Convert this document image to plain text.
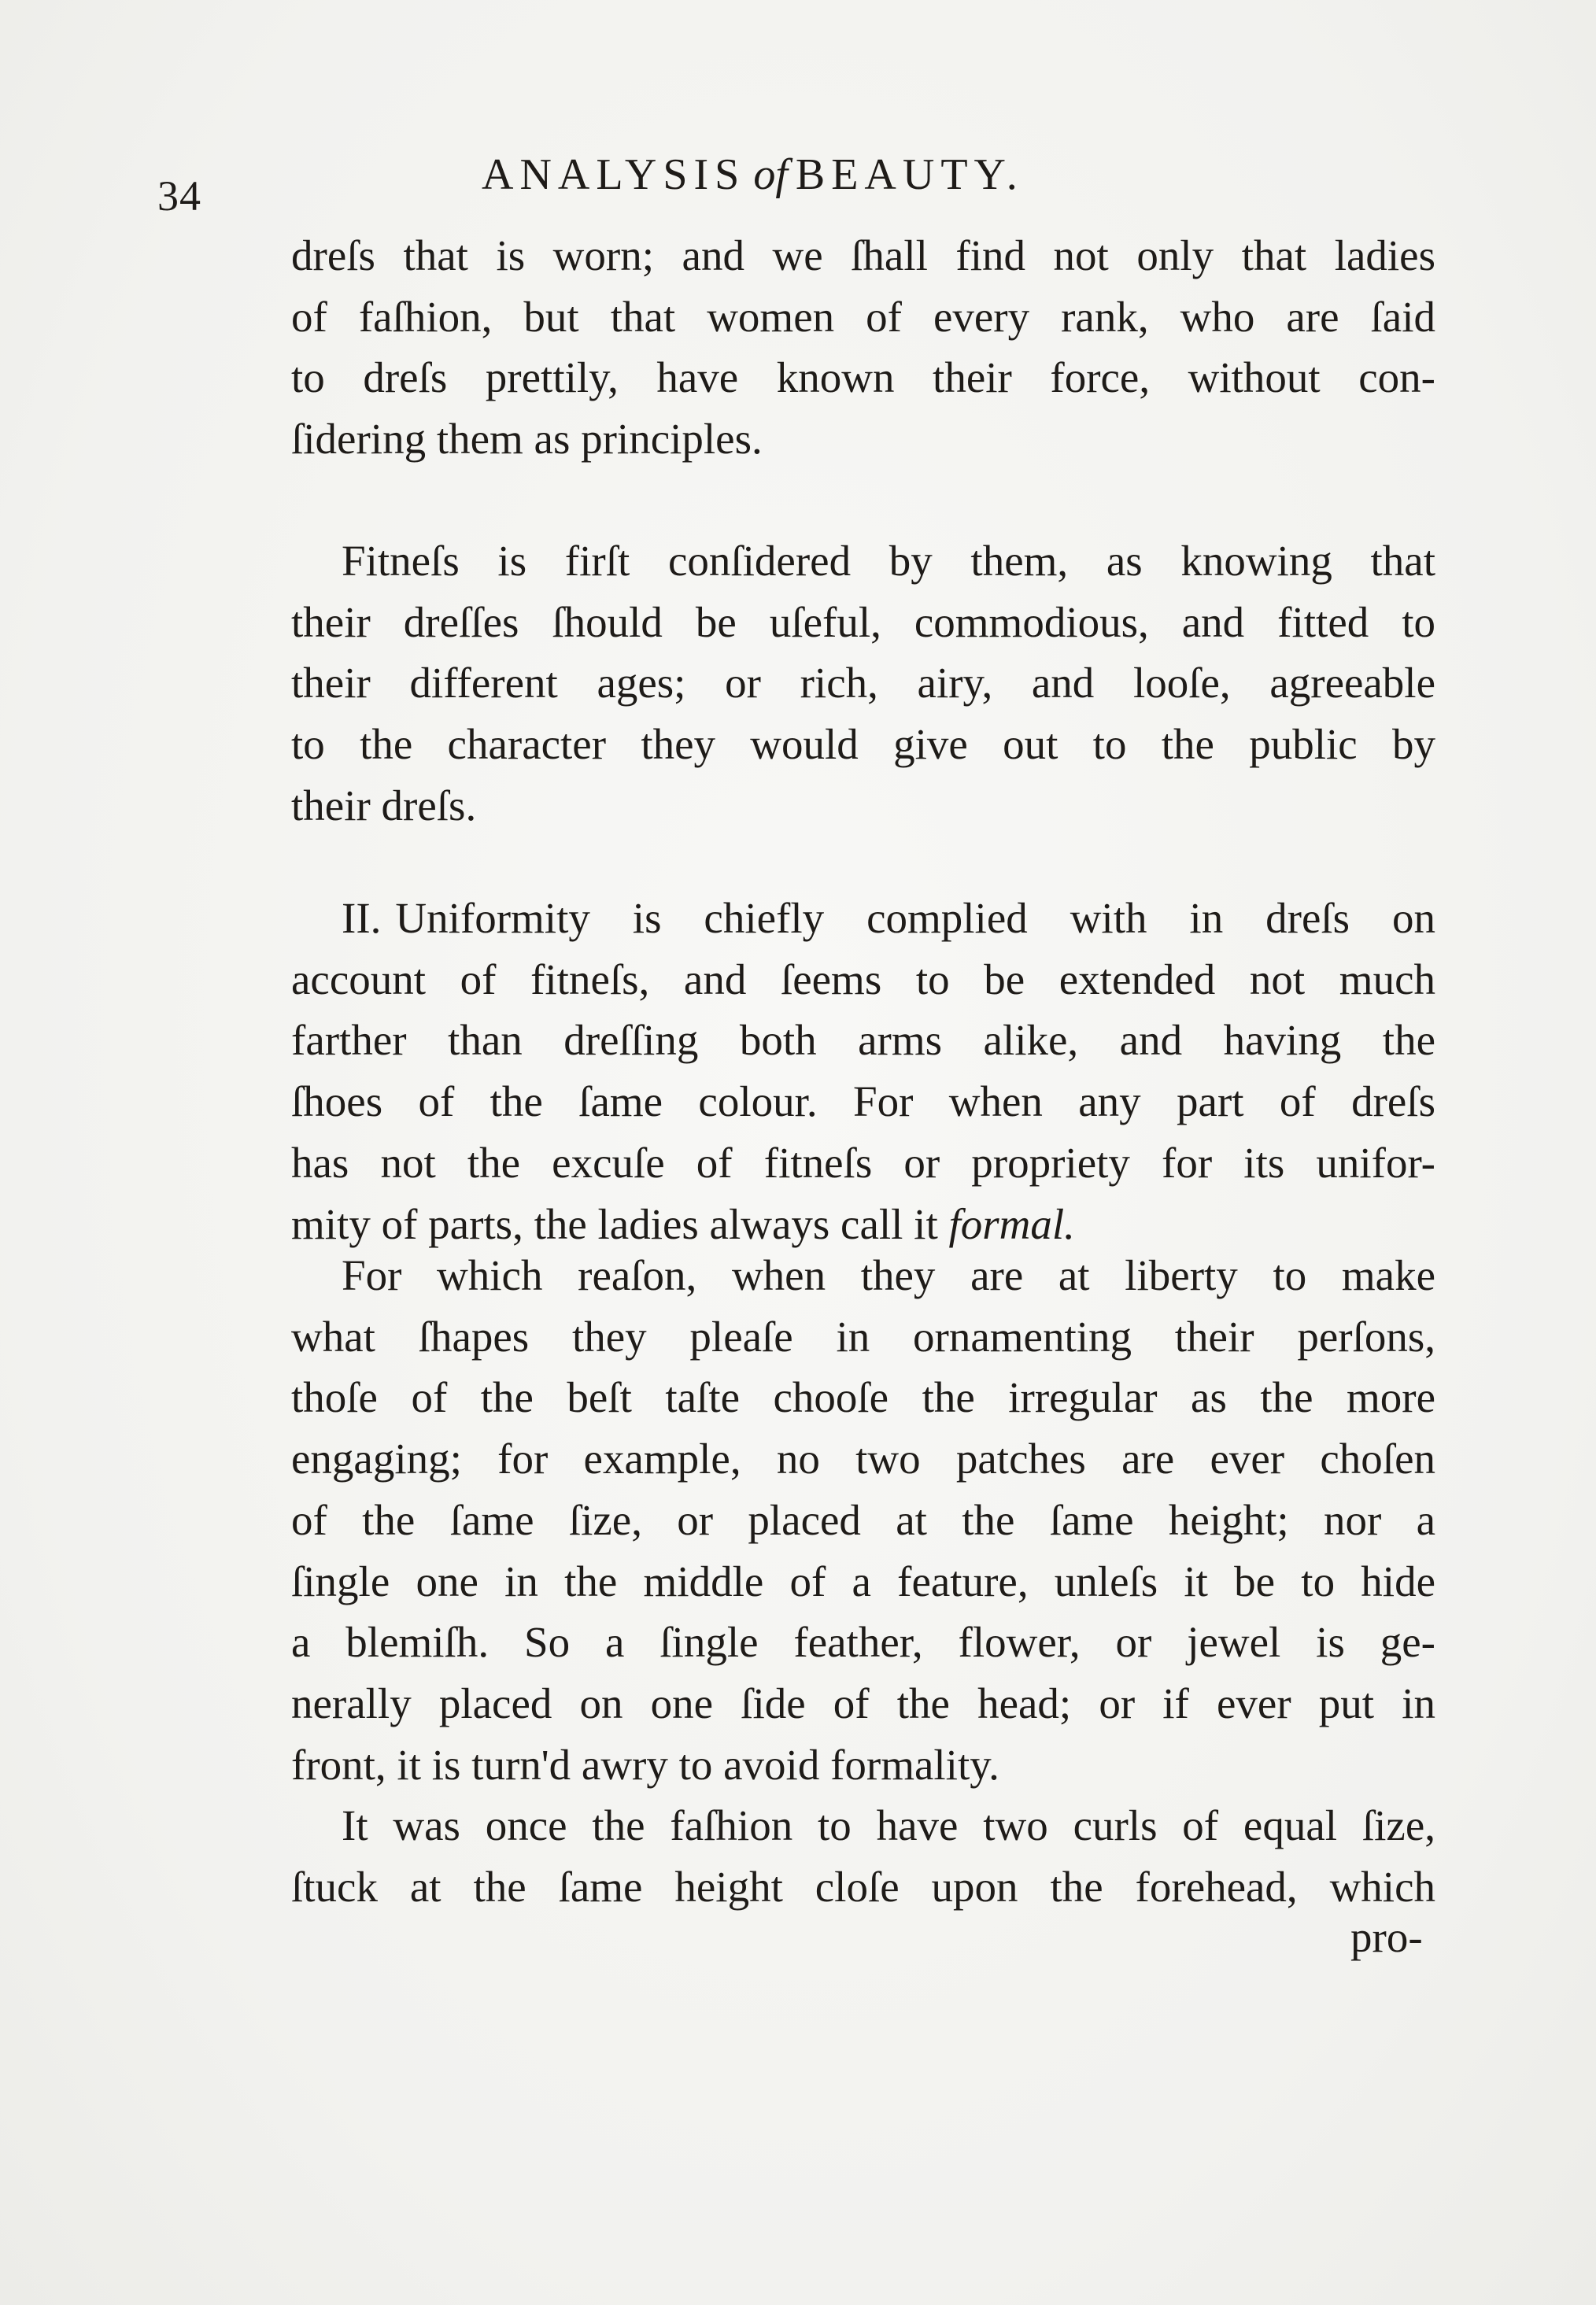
34	ANALYSIS of BEAUTY.
dreſs that is worn; and we ſhall find not only that ladies
of faſhion, but that women of every rank, who are ſaid
to dreſs prettily, have known their force, without con-
ſidering them as principles.
Fitneſs is firſt conſidered by them, as knowing that
their dreſſes ſhould be uſeful, commodious, and fitted to
their different ages; or rich, airy, and looſe, agreeable
to the character they would give out to the public by
their dreſs.
II. Uniformity is chiefly complied with in dreſs on
account of fitneſs, and ſeems to be extended not much
farther than dreſſing both arms alike, and having the
ſhoes of the ſame colour. For when any part of dreſs
has not the excuſe of fitneſs or propriety for its unifor-
mity of parts, the ladies always call it formal.
For which reaſon, when they are at liberty to make
what ſhapes they pleaſe in ornamenting their perſons,
thoſe of the beſt taſte chooſe the irregular as the more
engaging; for example, no two patches are ever choſen
of the ſame ſize, or placed at the ſame height; nor a
ſingle one in the middle of a feature, unleſs it be to hide
a blemiſh. So a ſingle feather, flower, or jewel is ge-
nerally placed on one ſide of the head; or if ever put in
front, it is turn'd awry to avoid formality.
It was once the faſhion to have two curls of equal ſize,
ſtuck at the ſame height cloſe upon the forehead, which
pro-
